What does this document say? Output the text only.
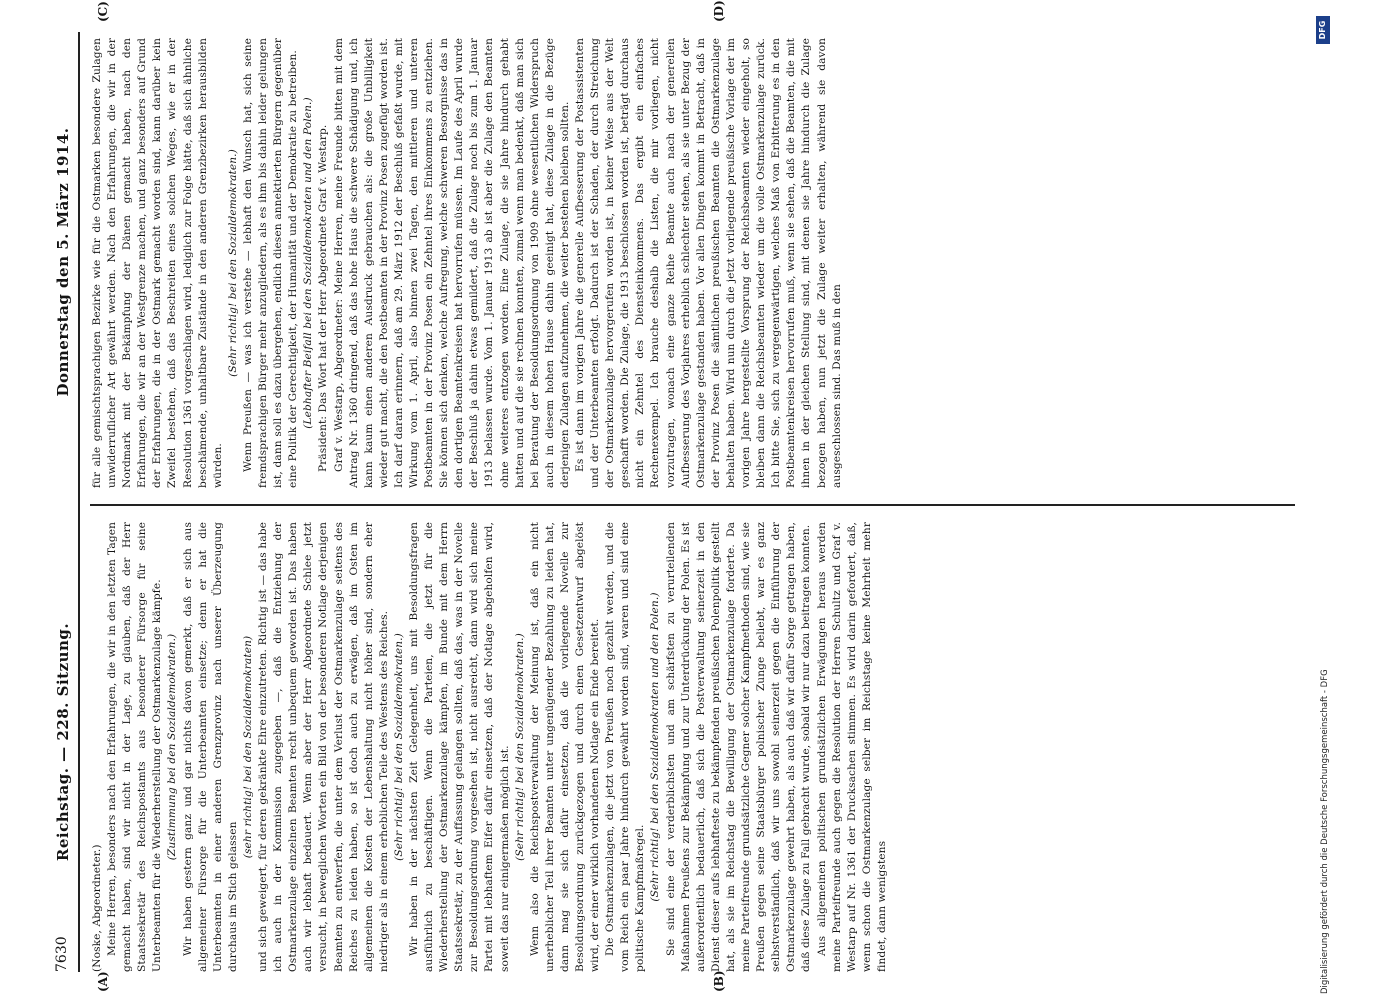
7630
Reichstag. — 228. Sitzung.
Donnerstag den 5. März 1914.
(A)	(B)
(C)	(D)

(Noske, Abgeordneter.) Meine Herren, besonders nach den Erfahrungen, die wir in den letzten Tagen gemacht haben, sind wir nicht in der Lage, zu glauben, daß der Herr Staatssekretär des Reichspostamts aus besonderer Fürsorge für seine Unterbeamten für die Wiederherstellung der Ostmarkenzulage kämpfe. (Zustimmung bei den Sozialdemokraten.) Wir haben gestern ganz und gar nichts davon gemerkt, daß er sich aus allgemeiner Fürsorge für die Unterbeamten einsetze; denn er hat die Unterbeamten in einer anderen Grenzprovinz nach unserer Überzeugung durchaus im Stich gelassen

(sehr richtig! bei den Sozialdemokraten) und sich geweigert, für deren gekränkte Ehre einzutreten. Richtig ist — das habe ich auch in der Kommission zugegeben —, daß die Entziehung der Ostmarkenzulage einzelnen Beamten recht unbequem geworden ist. Das haben auch wir lebhaft bedauert. Wenn aber der Herr Abgeordnete Schlee jetzt versucht, in beweglichen Worten ein Bild von der besonderen Notlage derjenigen Beamten zu entwerfen, die unter dem Verlust der Ostmarkenzulage seitens des Reiches zu leiden haben, so ist doch auch zu erwägen, daß im Osten im allgemeinen die Kosten der Lebenshaltung nicht höher sind, sondern eher niedriger als in einem erheblichen Teile des Westens des Reiches. (Sehr richtig! bei den Sozialdemokraten.) Wir haben in der nächsten Zeit Gelegenheit, uns mit Besoldungsfragen ausführlich zu beschäftigen. Wenn die Parteien, die jetzt für die Wiederherstellung der Ostmarkenzulage kämpfen, im Bunde mit dem Herrn Staatssekretär, zu der Auffassung gelangen sollten, daß das, was in der Novelle zur Besoldungsordnung vorgesehen ist, nicht ausreicht, dann wird sich meine Partei mit lebhaftem Eifer dafür einsetzen, daß der Notlage abgeholfen wird, soweit das nur einigermaßen möglich ist. (Sehr richtig! bei den Sozialdemokraten.) Wenn also die Reichspostverwaltung der Meinung ist, daß ein nicht unerheblicher Teil ihrer Beamten unter ungenügender Bezahlung zu leiden hat, dann mag sie sich dafür einsetzen, daß die vorliegende Novelle zur Besoldungsordnung zurückgezogen und durch einen Gesetzentwurf abgelöst wird, der einer wirklich vorhandenen Notlage ein Ende bereitet. Die Ostmarkenzulagen, die jetzt von Preußen noch gezahlt werden, und die vom Reich ein paar Jahre hindurch gewährt worden sind, waren und sind eine politische Kampfmaßregel. (Sehr richtig! bei den Sozialdemokraten und den Polen.) Sie sind eine der verderblichsten und am schärfsten zu verurteilenden Maßnahmen Preußens zur Bekämpfung und zur Unterdrückung der Polen. Es ist außerordentlich bedauerlich, daß sich die Postverwaltung seinerzeit in den Dienst dieser aufs lebhafteste zu bekämpfenden preußischen Polenpolitik gestellt hat, als sie im Reichstag die Bewilligung der Ostmarkenzulage forderte. Da meine Parteifreunde grundsätzliche Gegner solcher Kampfmethoden sind, wie sie Preußen gegen seine Staatsbürger polnischer Zunge beliebt, war es ganz selbstverständlich, daß wir uns sowohl seinerzeit gegen die Einführung der Ostmarkenzulage gewehrt haben, als auch daß wir dafür Sorge getragen haben, daß diese Zulage zu Fall gebracht wurde, sobald wir nur dazu beitragen konnten. Aus allgemeinen politischen grundsätzlichen Erwägungen heraus werden meine Parteifreunde auch gegen die Resolution der Herren Schultz und Graf v. Westarp auf Nr. 1361 der Drucksachen stimmen. Es wird darin gefordert, daß, wenn schon die Ostmarkenzulage selber im Reichstage keine Mehrheit mehr findet, dann wenigstens

für alle gemischtsprachigen Bezirke wie für die Ostmarken besondere Zulagen unwiderruflicher Art gewährt werden. Nach den Erfahrungen, die wir in der Nordmark mit der Bekämpfung der Dänen gemacht haben, nach den Erfahrungen, die wir an der Westgrenze machen, und ganz besonders auf Grund der Erfahrungen, die in der Ostmark gemacht worden sind, kann darüber kein Zweifel bestehen, daß das Beschreiten eines solchen Weges, wie er in der Resolution 1361 vorgeschlagen wird, lediglich zur Folge hätte, daß sich ähnliche beschämende, unhaltbare Zustände in den anderen Grenzbezirken herausbilden würden.

(Sehr richtig! bei den Sozialdemokraten.) Wenn Preußen — was ich verstehe — lebhaft den Wunsch hat, sich seine fremdsprachigen Bürger mehr anzugliedern, als es ihm bis dahin leider gelungen ist, dann soll es dazu übergehen, endlich diesen annektierten Bürgern gegenüber eine Politik der Gerechtigkeit, der Humanität und der Demokratie zu betreiben. (Lebhafter Beifall bei den Sozialdemokraten und den Polen.) Präsident: Das Wort hat der Herr Abgeordnete Graf v. Westarp. Graf v. Westarp, Abgeordneter: Meine Herren, meine Freunde bitten mit dem Antrag Nr. 1360 dringend, daß das hohe Haus die schwere Schädigung und, ich kann kaum einen anderen Ausdruck gebrauchen als: die große Unbilligkeit wieder gut macht, die den Postbeamten in der Provinz Posen zugefügt worden ist. Ich darf daran erinnern, daß am 29. März 1912 der Beschluß gefaßt wurde, mit Wirkung vom 1. April, also binnen zwei Tagen, den mittleren und unteren Postbeamten in der Provinz Posen ein Zehntel ihres Einkommens zu entziehen. Sie können sich denken, welche Aufregung, welche schweren Besorgnisse das in den dortigen Beamtenkreisen hat hervorrufen müssen. Im Laufe des April wurde der Beschluß ja dahin etwas gemildert, daß die Zulage noch bis zum 1. Januar 1913 belassen wurde. Vom 1. Januar 1913 ab ist aber die Zulage den Beamten ohne weiteres entzogen worden. Eine Zulage, die sie Jahre hindurch gehabt hatten und auf die sie rechnen konnten, zumal wenn man bedenkt, daß man sich bei Beratung der Besoldungsordnung von 1909 ohne wesentlichen Widerspruch auch in diesem hohen Hause dahin geeinigt hat, diese Zulage in die Bezüge derjenigen Zulagen aufzunehmen, die weiter bestehen bleiben sollten. Es ist dann im vorigen Jahre die generelle Aufbesserung der Postassistenten und der Unterbeamten erfolgt. Dadurch ist der Schaden, der durch Streichung der Ostmarkenzulage hervorgerufen worden ist, in keiner Weise aus der Welt geschafft worden. Die Zulage, die 1913 beschlossen worden ist, beträgt durchaus nicht ein Zehntel des Diensteinkommens. Das ergibt ein einfaches Rechenexempel. Ich brauche deshalb die Listen, die mir vorliegen, nicht vorzutragen, wonach eine ganze Reihe Beamte auch nach der generellen Aufbesserung des Vorjahres erheblich schlechter stehen, als sie unter Bezug der Ostmarkenzulage gestanden haben. Vor allen Dingen kommt in Betracht, daß in der Provinz Posen die sämtlichen preußischen Beamten die Ostmarkenzulage behalten haben. Wird nun durch die jetzt vorliegende preußische Vorlage der im vorigen Jahre hergestellte Vorsprung der Reichsbeamten wieder eingeholt, so bleiben dann die Reichsbeamten wieder um die volle Ostmarkenzulage zurück. Ich bitte Sie, sich zu vergegenwärtigen, welches Maß von Erbitterung es in den Postbeamtenkreisen hervorrufen muß, wenn sie sehen, daß die Beamten, die mit ihnen in der gleichen Stellung sind, mit denen sie Jahre hindurch die Zulage bezogen haben, nun jetzt die Zulage weiter erhalten, während sie davon ausgeschlossen sind. Das muß in den

Digitalisierung gefördert durch die Deutsche Forschungsgemeinschaft - DFG
DFG
